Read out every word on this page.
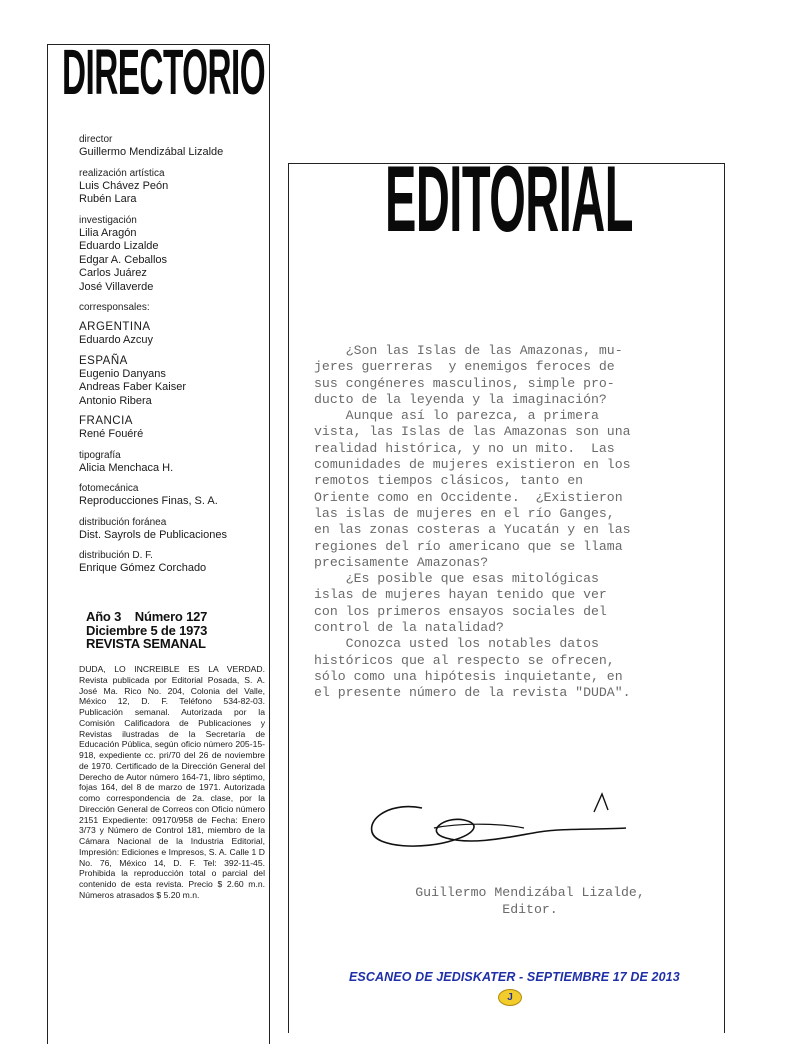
DIRECTORIO
director
Guillermo Mendizábal Lizalde
realización artística
Luis Chávez Peón
Rubén Lara
investigación
Lilia Aragón
Eduardo Lizalde
Edgar A. Ceballos
Carlos Juárez
José Villaverde
corresponsales:
ARGENTINA
Eduardo Azcuy
ESPAÑA
Eugenio Danyans
Andreas Faber Kaiser
Antonio Ribera
FRANCIA
René Fouéré
tipografía
Alicia Menchaca H.
fotomecánica
Reproducciones Finas, S. A.
distribución foránea
Dist. Sayrols de Publicaciones
distribución D. F.
Enrique Gómez Corchado
Año 3    Número 127
Diciembre 5 de 1973
REVISTA SEMANAL
DUDA, LO INCREIBLE ES LA VERDAD. Revista publicada por Editorial Posada, S. A. José Ma. Rico No. 204, Colonia del Valle, México 12, D. F. Teléfono 534-82-03. Publicación semanal. Autorizada por la Comisión Calificadora de Publicaciones y Revistas ilustradas de la Secretaría de Educación Pública, según oficio número 205-15-918, expediente cc. pri/70 del 26 de noviembre de 1970. Certificado de la Dirección General del Derecho de Autor número 164-71, libro séptimo, fojas 164, del 8 de marzo de 1971. Autorizada como correspondencia de 2a. clase, por la Dirección General de Correos con Oficio número 2151 Expediente: 09170/958 de Fecha: Enero 3/73 y Número de Control 181, miembro de la Cámara Nacional de la Industria Editorial, Impresión: Ediciones e Impresos, S. A. Calle 1 D No. 76, México 14, D. F. Tel: 392-11-45. Prohibida la reproducción total o parcial del contenido de esta revista. Precio $ 2.60 m.n. Números atrasados $ 5.20 m.n.
EDITORIAL
¿Son las Islas de las Amazonas, mu-
jeres guerreras  y enemigos feroces de
sus congéneres masculinos, simple pro-
ducto de la leyenda y la imaginación?
Aunque así lo parezca, a primera
vista, las Islas de las Amazonas son una
realidad histórica, y no un mito.  Las
comunidades de mujeres existieron en los
remotos tiempos clásicos, tanto en
Oriente como en Occidente.  ¿Existieron
las islas de mujeres en el río Ganges,
en las zonas costeras a Yucatán y en las
regiones del río americano que se llama
precisamente Amazonas?
¿Es posible que esas mitológicas
islas de mujeres hayan tenido que ver
con los primeros ensayos sociales del
control de la natalidad?
Conozca usted los notables datos
históricos que al respecto se ofrecen,
sólo como una hipótesis inquietante, en
el presente número de la revista "DUDA".
Guillermo Mendizábal Lizalde,
Editor.
ESCANEO DE JEDISKATER - SEPTIEMBRE 17 DE 2013
J
